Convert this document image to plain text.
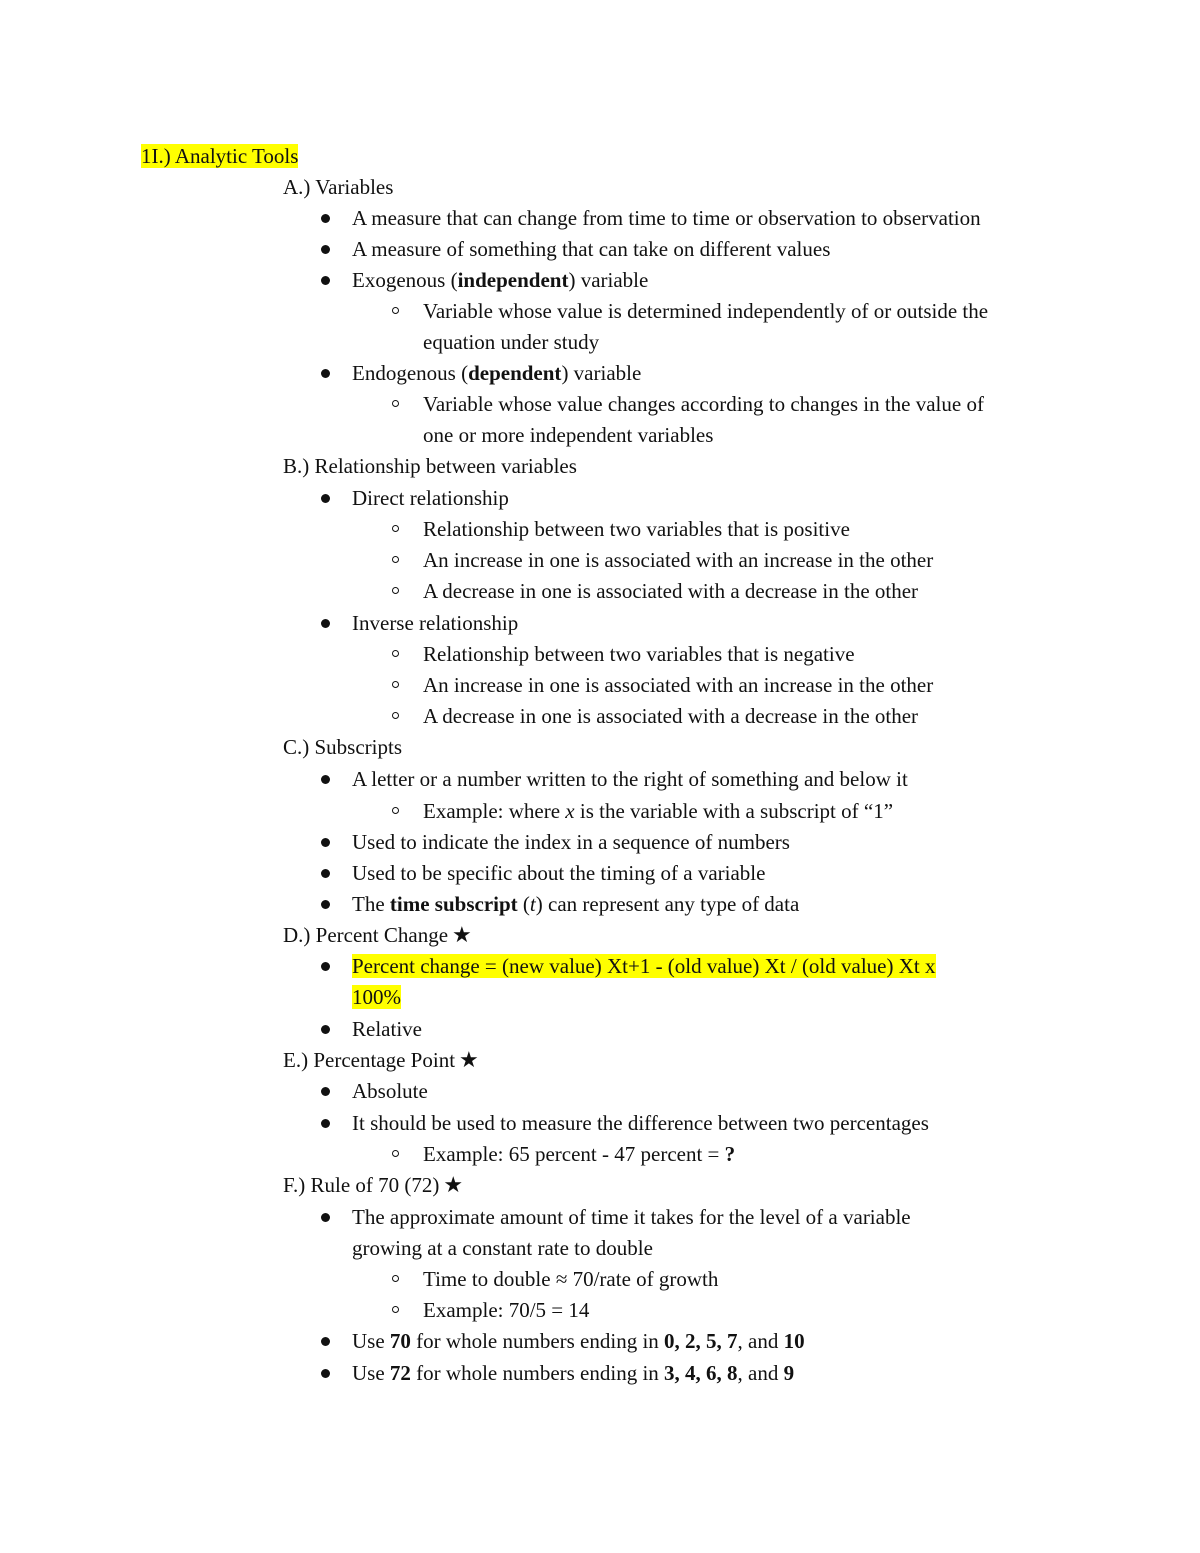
1I.) Analytic Tools
A.) Variables
A measure that can change from time to time or observation to observation
A measure of something that can take on different values
Exogenous (independent) variable
Variable whose value is determined independently of or outside the
equation under study
Endogenous (dependent) variable
Variable whose value changes according to changes in the value of
one or more independent variables
B.) Relationship between variables
Direct relationship
Relationship between two variables that is positive
An increase in one is associated with an increase in the other
A decrease in one is associated with a decrease in the other
Inverse relationship
Relationship between two variables that is negative
An increase in one is associated with an increase in the other
A decrease in one is associated with a decrease in the other
C.) Subscripts
A letter or a number written to the right of something and below it
Example: where x is the variable with a subscript of “1”
Used to indicate the index in a sequence of numbers
Used to be specific about the timing of a variable
The time subscript (t) can represent any type of data
D.) Percent Change ★
Percent change = (new value) Xt+1 - (old value) Xt / (old value) Xt x
100%
Relative
E.) Percentage Point ★
Absolute
It should be used to measure the difference between two percentages
Example: 65 percent - 47 percent = ?
F.) Rule of 70 (72) ★
The approximate amount of time it takes for the level of a variable
growing at a constant rate to double
Time to double ≈ 70/rate of growth
Example: 70/5 = 14
Use 70 for whole numbers ending in 0, 2, 5, 7, and 10
Use 72 for whole numbers ending in 3, 4, 6, 8, and 9
